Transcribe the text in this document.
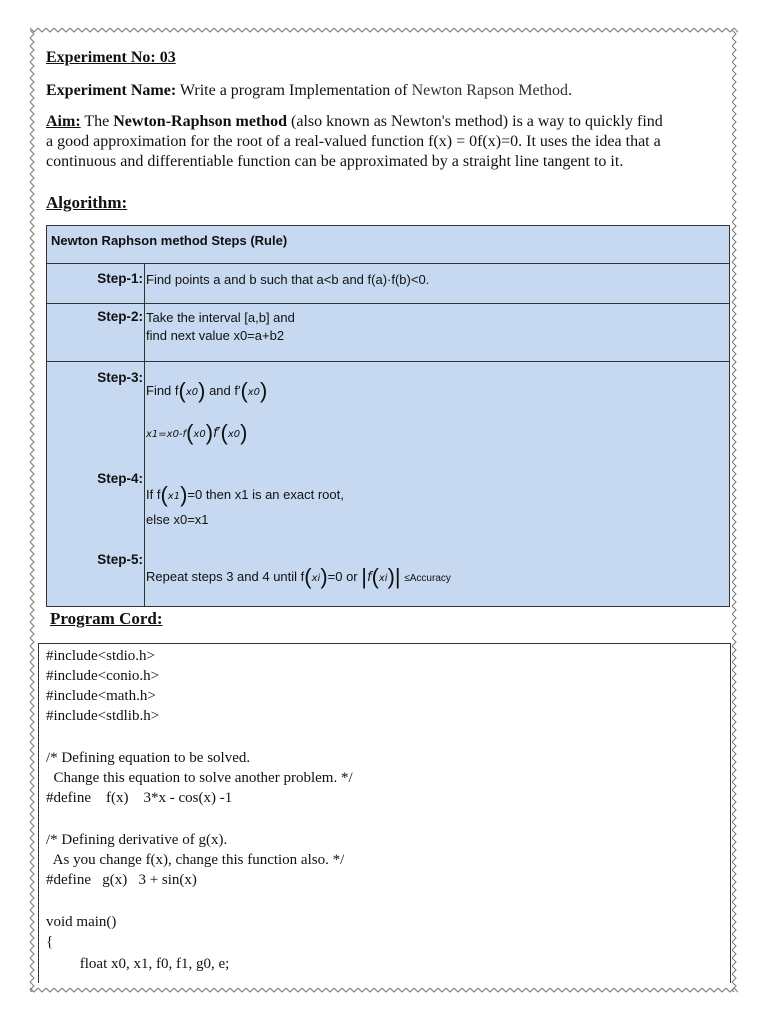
Experiment No: 03
Experiment Name: Write a program Implementation of Newton Rapson Method.
Aim: The Newton-Raphson method (also known as Newton's method) is a way to quickly find
a good approximation for the root of a real-valued function f(x) = 0f(x)=0. It uses the idea that a
continuous and differentiable function can be approximated by a straight line tangent to it.
Algorithm:
Newton Raphson method Steps (Rule)
Step-1: Find points a and b such that a<b and f(a)·f(b)<0.
Step-2: Take the interval [a,b] and
find next value x0=a+b2
Step-3:
Find f(x0) and f′(x0)
x1=x0-f(x0)f′(x0)
Step-4:
If f(x1)=0 then x1 is an exact root,
else x0=x1
Step-5:
Repeat steps 3 and 4 until f(xi)=0 or |f(xi)| ≤Accuracy
Program Cord:
#include<stdio.h>
#include<conio.h>
#include<math.h>
#include<stdlib.h>
/* Defining equation to be solved.
Change this equation to solve another problem. */
#define    f(x)    3*x - cos(x) -1
/* Defining derivative of g(x).
As you change f(x), change this function also. */
#define   g(x)   3 + sin(x)
void main()
{
float x0, x1, f0, f1, g0, e;
